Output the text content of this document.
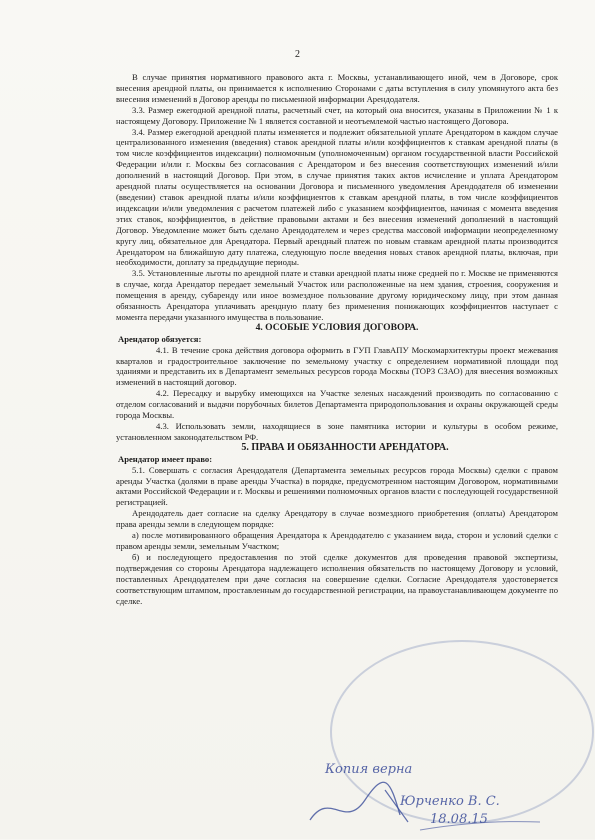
2

В случае принятия нормативного правового акта г. Москвы, устанавливающего иной, чем в Договоре, срок внесения арендной платы, он принимается к исполнению Сторонами с даты вступления в силу упомянутого акта без внесения изменений в Договор аренды по письменной информации Арендодателя.

3.3. Размер ежегодной арендной платы, расчетный счет, на который она вносится, указаны в Приложении № 1 к настоящему Договору. Приложение № 1 является составной и неотъемлемой частью настоящего Договора.

3.4. Размер ежегодной арендной платы изменяется и подлежит обязательной уплате Арендатором в каждом случае централизованного изменения (введения) ставок арендной платы и/или коэффициентов к ставкам арендной платы (в том числе коэффициентов индексации) полномочным (уполномоченным) органом государственной власти Российской Федерации и/или г. Москвы без согласования с Арендатором и без внесения соответствующих изменений и/или дополнений в настоящий Договор. При этом, в случае принятия таких актов исчисление и уплата Арендатором арендной платы осуществляется на основании Договора и письменного уведомления Арендодателя об изменении (введении) ставок арендной платы и/или коэффициентов к ставкам арендной платы, в том числе коэффициентов индексации и/или уведомления с расчетом платежей либо с указанием коэффициентов, начиная с момента введения этих ставок, коэффициентов, в действие правовыми актами и без внесения изменений дополнений в настоящий Договор. Уведомление может быть сделано Арендодателем и через средства массовой информации неопределенному кругу лиц, обязательное для Арендатора. Первый арендный платеж по новым ставкам арендной платы производится Арендатором на ближайшую дату платежа, следующую после введения новых ставок арендной платы, включая, при необходимости, доплату за предыдущие периоды.

3.5. Установленные льготы по арендной плате и ставки арендной платы ниже средней по г. Москве не применяются в случае, когда Арендатор передает земельный Участок или расположенные на нем здания, строения, сооружения и помещения в аренду, субаренду или иное возмездное пользование другому юридическому лицу, при этом данная обязанность Арендатора уплачивать арендную плату без применения понижающих коэффициентов наступает с момента передачи указанного имущества в пользование.

4. ОСОБЫЕ УСЛОВИЯ ДОГОВОРА.

Арендатор обязуется:

4.1. В течение срока действия договора оформить в ГУП ГлавАПУ Москомархитектуры проект межевания кварталов и градостроительное заключение по земельному участку с определением нормативной площади под зданиями и представить их в Департамент земельных ресурсов города Москвы (ТОРЗ СЗАО) для внесения возможных изменений в настоящий договор.

4.2. Пересадку и вырубку имеющихся на Участке зеленых насаждений производить по согласованию с отделом согласований и выдачи порубочных билетов Департамента природопользования и охраны окружающей среды города Москвы.

4.3. Использовать земли, находящиеся в зоне памятника истории и культуры в особом режиме, установленном законодательством РФ.

5. ПРАВА И ОБЯЗАННОСТИ АРЕНДАТОРА.

Арендатор имеет право:

5.1. Совершать с согласия Арендодателя (Департамента земельных ресурсов города Москвы) сделки с правом аренды Участка (долями в праве аренды Участка) в порядке, предусмотренном настоящим Договором, нормативными актами Российской Федерации и г. Москвы и решениями полномочных органов власти с последующей государственной регистрацией.

Арендодатель дает согласие на сделку Арендатору в случае возмездного приобретения (оплаты) Арендатором права аренды земли в следующем порядке:

а) после мотивированного обращения Арендатора к Арендодателю с указанием вида, сторон и условий сделки с правом аренды земли, земельным Участком;

б) и последующего предоставления по этой сделке документов для проведения правовой экспертизы, подтверждения со стороны Арендатора надлежащего исполнения обязательств по настоящему Договору и условий, поставленных Арендодателем при даче согласия на совершение сделки. Согласие Арендодателя удостоверяется соответствующим штампом, проставленным до государственной регистрации, на правоустанавливающем документе по сделке.

Копия верна
Юрченко В. С.
18.08.15
